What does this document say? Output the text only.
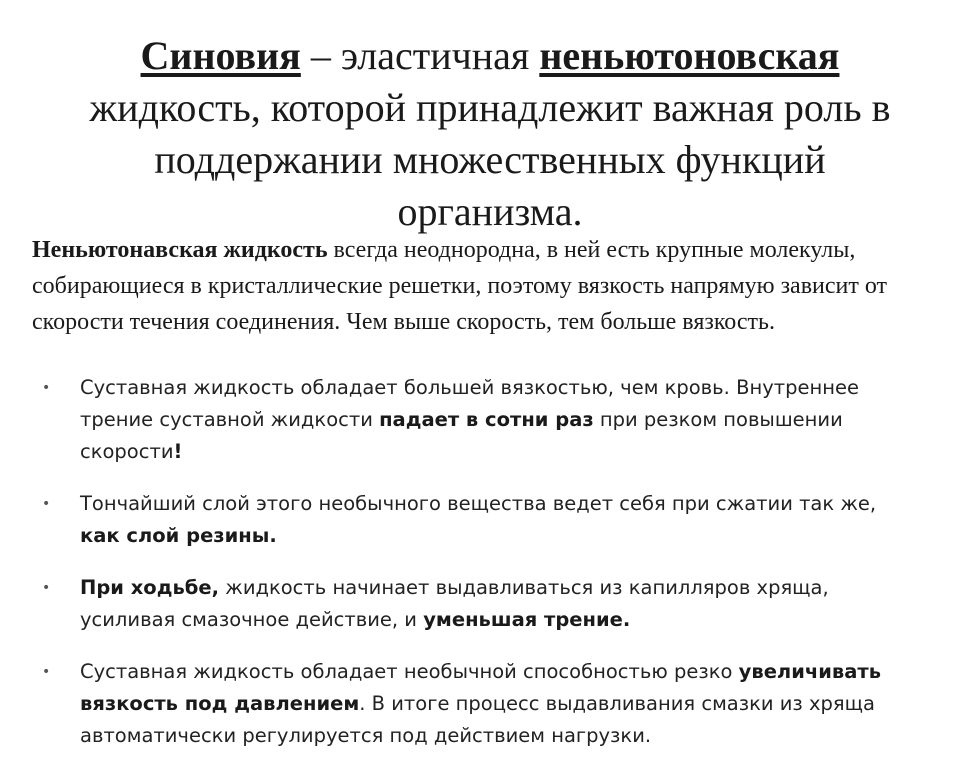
Синовия – эластичная неньютоновская жидкость, которой принадлежит важная роль в поддержании множественных функций организма.
Неньютонавская жидкость всегда неоднородна, в ней есть крупные молекулы, собирающиеся в кристаллические решетки, поэтому вязкость напрямую зависит от скорости течения соединения. Чем выше скорость, тем больше вязкость.
• Суставная жидкость обладает большей вязкостью, чем кровь. Внутреннее трение суставной жидкости падает в сотни раз при резком повышении скорости!
• Тончайший слой этого необычного вещества ведет себя при сжатии так же, как слой резины.
• При ходьбе, жидкость начинает выдавливаться из капилляров хряща, усиливая смазочное действие, и уменьшая трение.
• Суставная жидкость обладает необычной способностью резко увеличивать вязкость под давлением. В итоге процесс выдавливания смазки из хряща автоматически регулируется под действием нагрузки.
